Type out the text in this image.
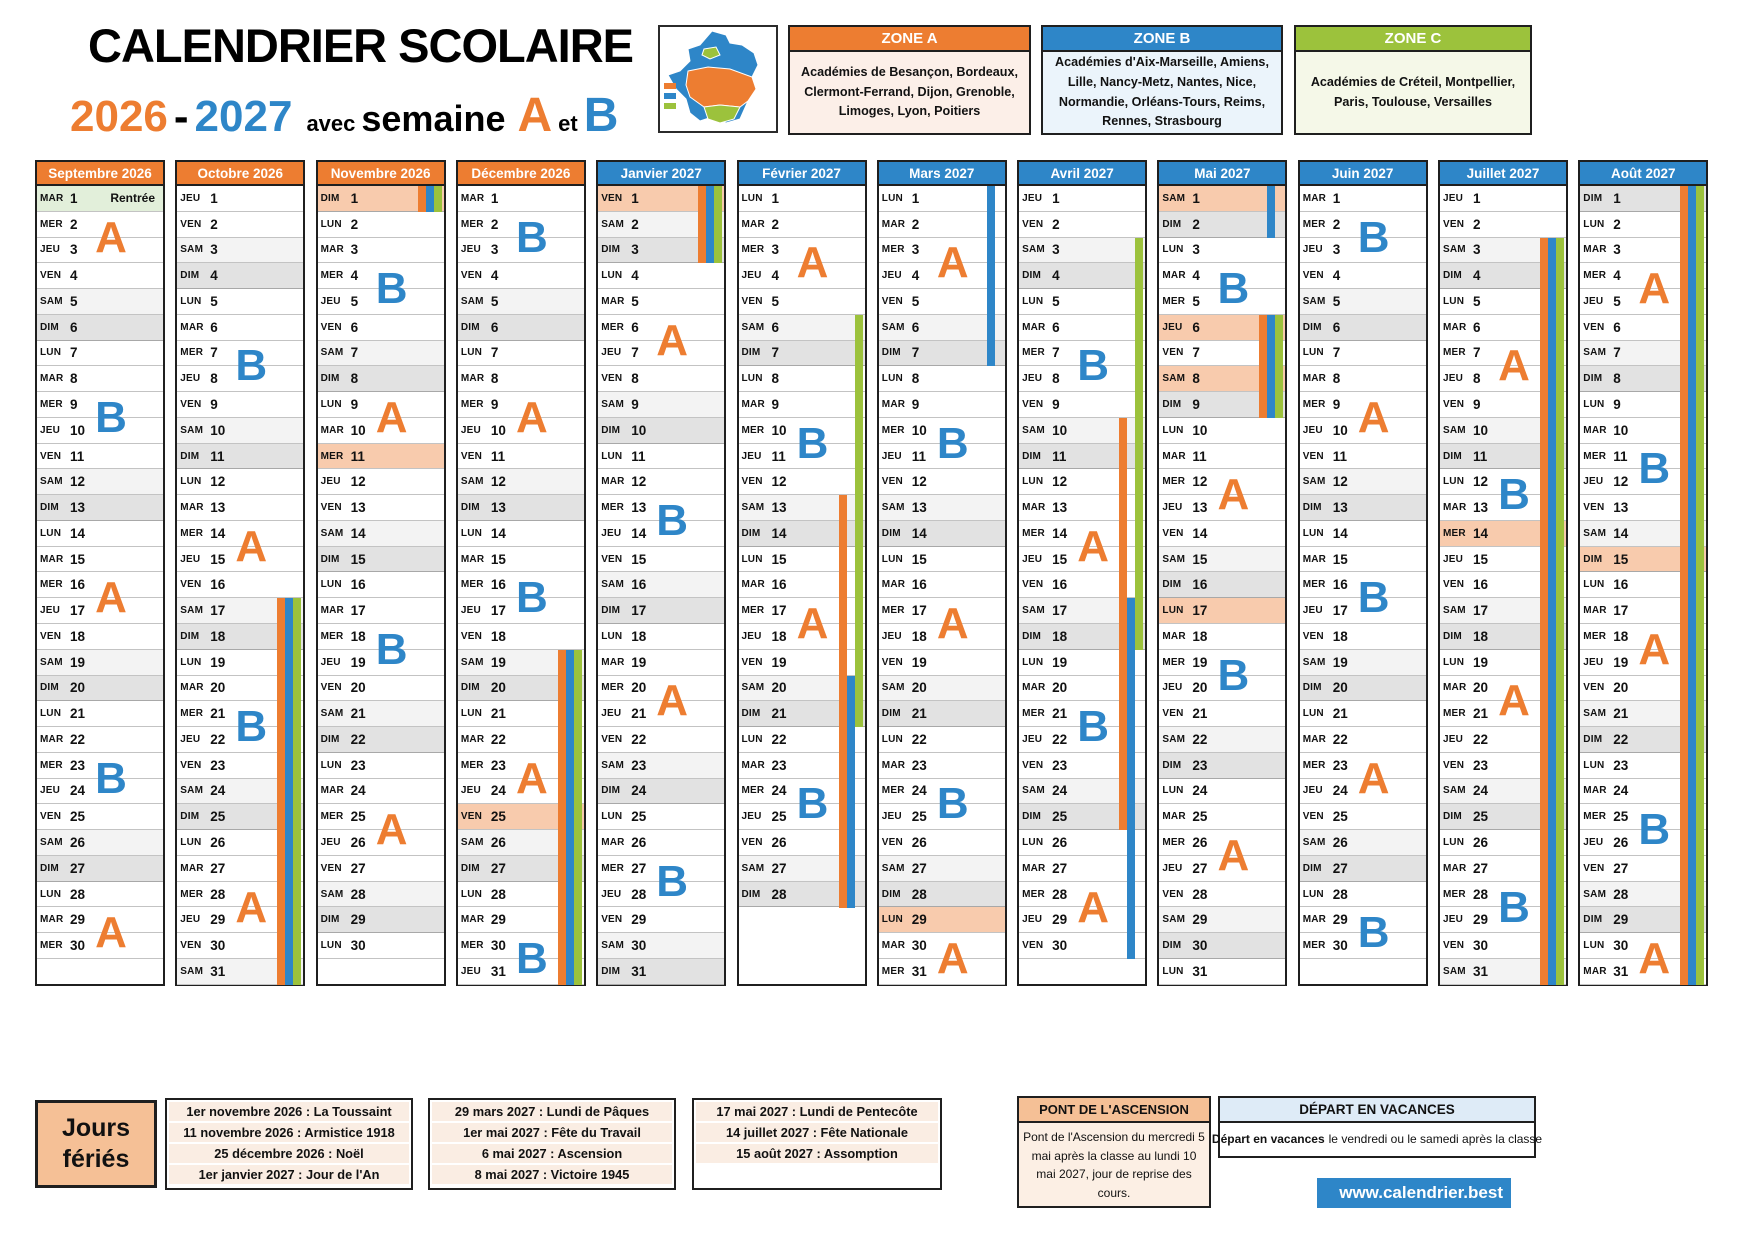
CALENDRIER SCOLAIRE
2026 - 2027 avec semaine A et B
ZONE A
Académies de Besançon, Bordeaux, Clermont-Ferrand, Dijon, Grenoble, Limoges, Lyon, Poitiers
ZONE B
Académies d'Aix-Marseille, Amiens, Lille, Nancy-Metz, Nantes, Nice, Normandie, Orléans-Tours, Reims, Rennes, Strasbourg
ZONE C
Académies de Créteil, Montpellier, Paris, Toulouse, Versailles
Septembre 2026
MAR 1	Rentrée
MER 2
JEU 3
VEN 4
SAM 5
DIM 6
LUN 7
MAR 8
MER 9
JEU 10
VEN 11
SAM 12
DIM 13
LUN 14
MAR 15
MER 16
JEU 17
VEN 18
SAM 19
DIM 20
LUN 21
MAR 22
MER 23
JEU 24
VEN 25
SAM 26
DIM 27
LUN 28
MAR 29
MER 30
A
B
A
B
A
Octobre 2026
JEU 1
VEN 2
SAM 3
DIM 4
LUN 5
MAR 6
MER 7
JEU 8
VEN 9
SAM 10
DIM 11
LUN 12
MAR 13
MER 14
JEU 15
VEN 16
SAM 17
DIM 18
LUN 19
MAR 20
MER 21
JEU 22
VEN 23
SAM 24
DIM 25
LUN 26
MAR 27
MER 28
JEU 29
VEN 30
SAM 31
B
A
B
A
Novembre 2026
DIM 1
LUN 2
MAR 3
MER 4
JEU 5
VEN 6
SAM 7
DIM 8
LUN 9
MAR 10
MER 11
JEU 12
VEN 13
SAM 14
DIM 15
LUN 16
MAR 17
MER 18
JEU 19
VEN 20
SAM 21
DIM 22
LUN 23
MAR 24
MER 25
JEU 26
VEN 27
SAM 28
DIM 29
LUN 30
B
A
B
A
Décembre 2026
MAR 1
MER 2
JEU 3
VEN 4
SAM 5
DIM 6
LUN 7
MAR 8
MER 9
JEU 10
VEN 11
SAM 12
DIM 13
LUN 14
MAR 15
MER 16
JEU 17
VEN 18
SAM 19
DIM 20
LUN 21
MAR 22
MER 23
JEU 24
VEN 25
SAM 26
DIM 27
LUN 28
MAR 29
MER 30
JEU 31
B
A
B
A
B
Janvier 2027
VEN 1
SAM 2
DIM 3
LUN 4
MAR 5
MER 6
JEU 7
VEN 8
SAM 9
DIM 10
LUN 11
MAR 12
MER 13
JEU 14
VEN 15
SAM 16
DIM 17
LUN 18
MAR 19
MER 20
JEU 21
VEN 22
SAM 23
DIM 24
LUN 25
MAR 26
MER 27
JEU 28
VEN 29
SAM 30
DIM 31
A
B
A
B
Février 2027
LUN 1
MAR 2
MER 3
JEU 4
VEN 5
SAM 6
DIM 7
LUN 8
MAR 9
MER 10
JEU 11
VEN 12
SAM 13
DIM 14
LUN 15
MAR 16
MER 17
JEU 18
VEN 19
SAM 20
DIM 21
LUN 22
MAR 23
MER 24
JEU 25
VEN 26
SAM 27
DIM 28
A
B
A
B
Mars 2027
LUN 1
MAR 2
MER 3
JEU 4
VEN 5
SAM 6
DIM 7
LUN 8
MAR 9
MER 10
JEU 11
VEN 12
SAM 13
DIM 14
LUN 15
MAR 16
MER 17
JEU 18
VEN 19
SAM 20
DIM 21
LUN 22
MAR 23
MER 24
JEU 25
VEN 26
SAM 27
DIM 28
LUN 29
MAR 30
MER 31
A
B
A
B
A
Avril 2027
JEU 1
VEN 2
SAM 3
DIM 4
LUN 5
MAR 6
MER 7
JEU 8
VEN 9
SAM 10
DIM 11
LUN 12
MAR 13
MER 14
JEU 15
VEN 16
SAM 17
DIM 18
LUN 19
MAR 20
MER 21
JEU 22
VEN 23
SAM 24
DIM 25
LUN 26
MAR 27
MER 28
JEU 29
VEN 30
B
A
B
A
Mai 2027
SAM 1
DIM 2
LUN 3
MAR 4
MER 5
JEU 6
VEN 7
SAM 8
DIM 9
LUN 10
MAR 11
MER 12
JEU 13
VEN 14
SAM 15
DIM 16
LUN 17
MAR 18
MER 19
JEU 20
VEN 21
SAM 22
DIM 23
LUN 24
MAR 25
MER 26
JEU 27
VEN 28
SAM 29
DIM 30
LUN 31
B
A
B
A
Juin 2027
MAR 1
MER 2
JEU 3
VEN 4
SAM 5
DIM 6
LUN 7
MAR 8
MER 9
JEU 10
VEN 11
SAM 12
DIM 13
LUN 14
MAR 15
MER 16
JEU 17
VEN 18
SAM 19
DIM 20
LUN 21
MAR 22
MER 23
JEU 24
VEN 25
SAM 26
DIM 27
LUN 28
MAR 29
MER 30
B
A
B
A
B
Juillet 2027
JEU 1
VEN 2
SAM 3
DIM 4
LUN 5
MAR 6
MER 7
JEU 8
VEN 9
SAM 10
DIM 11
LUN 12
MAR 13
MER 14
JEU 15
VEN 16
SAM 17
DIM 18
LUN 19
MAR 20
MER 21
JEU 22
VEN 23
SAM 24
DIM 25
LUN 26
MAR 27
MER 28
JEU 29
VEN 30
SAM 31
A
B
A
B
Août 2027
DIM 1
LUN 2
MAR 3
MER 4
JEU 5
VEN 6
SAM 7
DIM 8
LUN 9
MAR 10
MER 11
JEU 12
VEN 13
SAM 14
DIM 15
LUN 16
MAR 17
MER 18
JEU 19
VEN 20
SAM 21
DIM 22
LUN 23
MAR 24
MER 25
JEU 26
VEN 27
SAM 28
DIM 29
LUN 30
MAR 31
A
B
A
B
A
Jours fériés
1er novembre 2026 : La Toussaint
11 novembre 2026 : Armistice 1918
25 décembre 2026 : Noël
1er janvier 2027 : Jour de l'An
29 mars 2027 : Lundi de Pâques
1er mai 2027 : Fête du Travail
6 mai 2027 : Ascension
8 mai 2027 : Victoire 1945
17 mai 2027 : Lundi de Pentecôte
14 juillet 2027 : Fête Nationale
15 août 2027 : Assomption
PONT DE L'ASCENSION
Pont de l'Ascension du mercredi 5 mai après la classe au lundi 10 mai 2027, jour de reprise des cours.
DÉPART EN VACANCES
Départ en vacances le vendredi ou le samedi après la classe
www.calendrier.best
